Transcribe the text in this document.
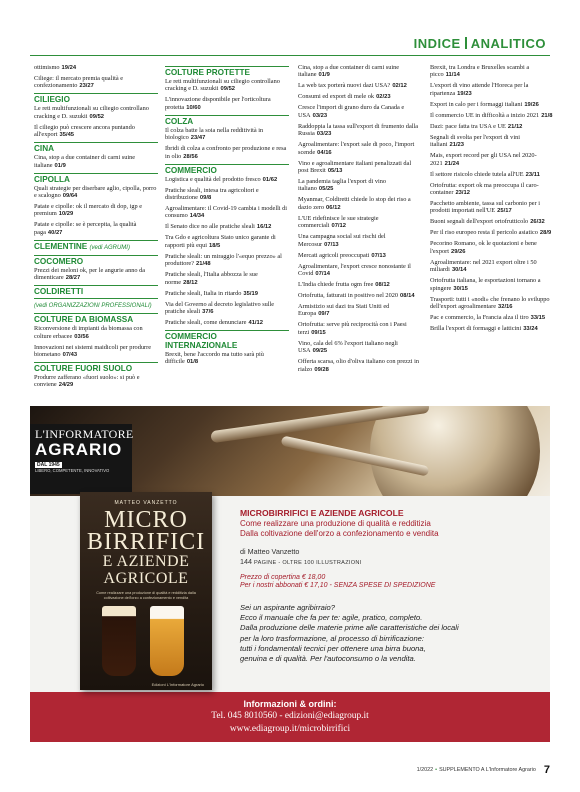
INDICE ANALITICO
ottimismo 19/24
Ciliege: il mercato premia qualità e confezionamento 23/27
CILIEGIO
Le reti multifunzionali su ciliegio controllano cracking e D. suzukii 09/52
Il ciliegio può crescere ancora puntando all'export 35/45
CINA
Cina, stop a due container di carni suine italiane 01/9
CIPOLLA
Quali strategie per diserbare aglio, cipolla, porro e scalogno 09/64
Patate e cipolle: ok il mercato di dop, igp e premium 10/29
Patate e cipolle: se è percepita, la qualità paga 40/27
CLEMENTINE (vedi AGRUMI)
COCOMERO
Prezzi dei meloni ok, per le angurie anno da dimenticare 28/27
COLDIRETTI
(vedi ORGANIZZAZIONI PROFESSIONALI)
COLTURE DA BIOMASSA
Riconversione di impianti da biomassa con colture erbacee 03/56
Innovazioni nei sistemi maidicoli per produrre biometano 07/43
COLTURE FUORI SUOLO
Produrre zafferano «fuori suolo»: si può e conviene 24/29
COLTURE PROTETTE
Le reti multifunzionali su ciliegio controllano cracking e D. suzukii 09/52
L'innovazione disponibile per l'orticoltura protetta 10/60
COLZA
Il colza batte la soia nella redditività in biologico 23/47
Ibridi di colza a confronto per produzione e resa in olio 28/56
COMMERCIO
Logistica e qualità del prodotto fresco 01/62
Pratiche sleali, intesa tra agricoltori e distribuzione 09/8
Agroalimentare: il Covid-19 cambia i modelli di consumo 14/34
Il Senato dice no alle pratiche sleali 16/12
Tra Gdo e agricoltura Stato unico garante di rapporti più equi 18/5
Pratiche sleali: un miraggio l'«equo prezzo» al produttore? 21/48
Pratiche sleali, l'Italia abbozza le sue norme 28/12
Pratiche sleali, Italia in ritardo 35/19
Via del Governo al decreto legislativo sulle pratiche sleali 37/6
Pratiche sleali, come denunciare 41/12
COMMERCIO INTERNAZIONALE
Brexit, bene l'accordo ma tutto sarà più difficile 01/8
Cina, stop a due container di carni suine italiane 01/9
La web tax porterà nuovi dazi USA? 02/12
Consumi ed export di mele ok 02/23
Cresce l'import di grano duro da Canada e USA 03/23
Raddoppia la tassa sull'export di frumento dalla Russia 03/23
Agroalimentare: l'export sale di poco, l'import scende 04/16
Vino e agroalimentare italiani penalizzati dal post Brexit 05/13
La pandemia taglia l'export di vino italiano 05/25
Myanmar, Coldiretti chiede lo stop dei riso a dazio zero 06/12
L'UE ridefinisce le sue strategie commerciali 07/12
Una campagna social sui rischi del Mercosur 07/13
Mercati agricoli preoccupati 07/13
Agroalimentare, l'export cresce nonostante il Covid 07/14
L'India chiede frutta ogm free 08/12
Ortofrutta, fatturati in positivo nel 2020 08/14
Armistizio sui dazi tra Stati Uniti ed Europa 09/7
Ortofrutta: serve più reciprocità con i Paesi terzi 09/15
Vino, cala del 6% l'export italiano negli USA 09/25
Offerta scarsa, olio d'oliva italiano con prezzi in rialzo 09/28
Brexit, tra Londra e Bruxelles scambi a picco 11/14
L'export di vino attende l'Horeca per la ripartenza 19/23
Export in calo per i formaggi italiani 19/26
Il commercio UE in difficoltà a inizio 2021 21/8
Dazi: pace fatta tra USA e UE 21/12
Segnali di svolta per l'export di vini italiani 21/23
Mais, export record per gli USA nel 2020-2021 21/24
Il settore risicolo chiede tutela all'UE 23/11
Ortofrutta: export ok ma preoccupa il caro-container 23/12
Pacchetto ambiente, tassa sul carbonio per i prodotti importati nell'UE 25/17
Buoni segnali dell'export ortofrutticolo 26/32
Per il riso europeo resta il pericolo asiatico 28/9
Pecorino Romano, ok le quotazioni e bene l'export 29/26
Agroalimentare: nel 2021 export oltre i 50 miliardi 30/14
Ortofrutta italiana, le esportazioni tornano a spingere 30/15
Trasporti: tutti i «nodi» che frenano lo sviluppo dell'export agroalimentare 32/16
Pac e commercio, la Francia alza il tiro 33/15
Brilla l'export di formaggi e latticini 33/24
Informazioni & ordini:
Tel. 045 8010560 - edizioni@ediagroup.it
www.ediagroup.it/microbirrifici
L'INFORMATORE
AGRARIO
DAL 1945
LIBERO, COMPETENTE, INNOVATIVO
MATTEO VANZETTO
MICRO BIRRIFICI
E AZIENDE AGRICOLE
Come realizzare una produzione di qualità e redditizia dalla coltivazione dell'orzo a confezionamento e vendita
Edizioni L'Informatore Agrario
MICROBIRRIFICI E AZIENDE AGRICOLE
Come realizzare una produzione di qualità e redditizia
Dalla coltivazione dell'orzo a confezionamento e vendita
di Matteo Vanzetto
144 PAGINE - OLTRE 100 ILLUSTRAZIONI
Prezzo di copertina € 18,00
Per i nostri abbonati € 17,10 - SENZA SPESE DI SPEDIZIONE
Sei un aspirante agribirraio?
Ecco il manuale che fa per te: agile, pratico, completo.
Dalla produzione delle materie prime alle caratteristiche dei locali
per la loro trasformazione, al processo di birrificazione:
tutti i fondamentali tecnici per ottenere una birra buona,
genuina e di qualità. Per l'autoconsumo o la vendita.
1/2022 • SUPPLEMENTO A L'Informatore Agrario 7
